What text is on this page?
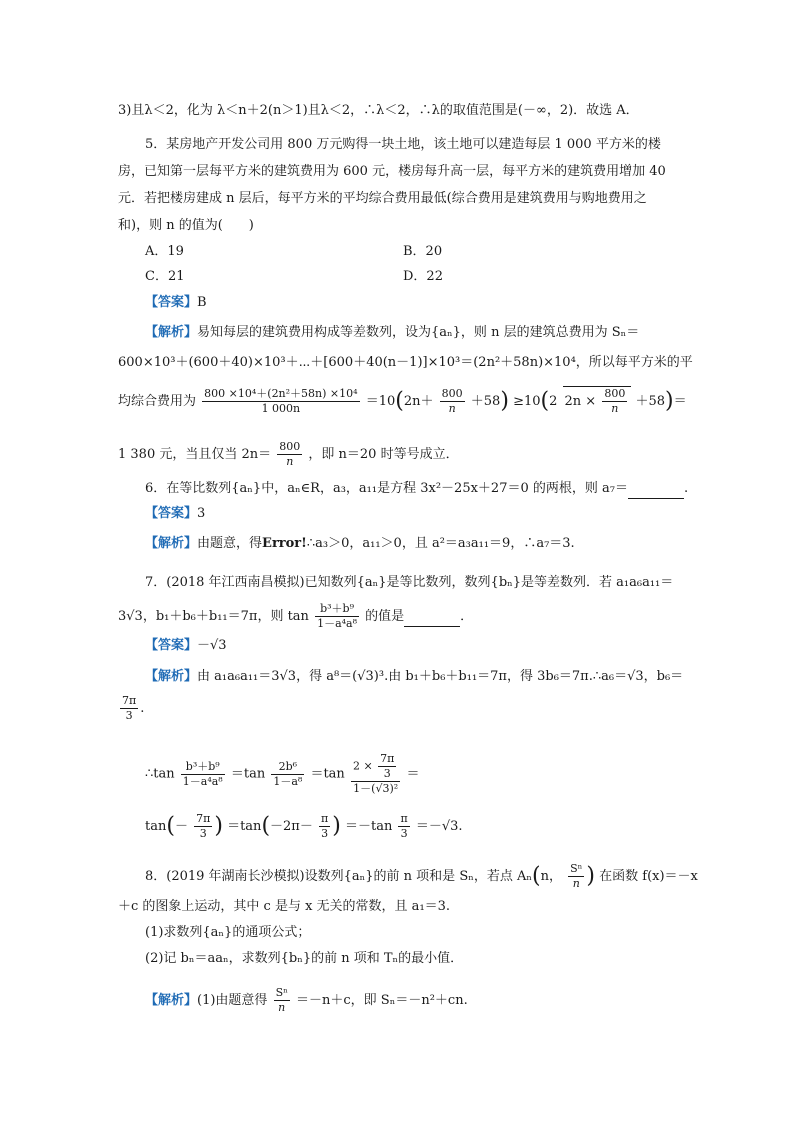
3)且λ＜2，化为 λ＜n＋2(n＞1)且λ＜2，∴λ＜2，∴λ的取值范围是(－∞，2)．故选 A．
5．某房地产开发公司用 800 万元购得一块土地，该土地可以建造每层 1 000 平方米的楼
房，已知第一层每平方米的建筑费用为 600 元，楼房每升高一层，每平方米的建筑费用增加 40
元．若把楼房建成 n 层后，每平方米的平均综合费用最低(综合费用是建筑费用与购地费用之
和)，则 n 的值为(　　)
A．19	B．20
C．21	D．22
【答案】B
【解析】易知每层的建筑费用构成等差数列，设为{aₙ}，则 n 层的建筑总费用为 Sₙ＝
600×10³＋(600＋40)×10³＋⋯＋[600＋40(n－1)]×10³＝(2n²＋58n)×10⁴，所以每平方米的平
均综合费用为 $\frac{\text{800 ×10⁴＋(2n²＋58n) ×10⁴}}{1 000n} =10(2n+ \frac{800}{n} +58) \ge 10(2$ $2n \times \frac{800}{n} +58)=$
1 380 元，当且仅当 $2n= \frac{800}{n}$ ，即 n＝20 时等号成立．
6．在等比数列{aₙ}中，aₙ∈R，a₃，a₁₁是方程 3x²－25x＋27＝0 的两根，则 a₇＝	.
【答案】3
【解析】由题意，得Error!∴a₃＞0，a₁₁＞0，且 a²＝a₃a₁₁＝9，∴a₇＝3.
7．(2018 年江西南昌模拟)已知数列{aₙ}是等比数列，数列{bₙ}是等差数列．若 a₁a₆a₁₁＝
3√3，b₁＋b₆＋b₁₁＝7π，则 $\tan \frac{\text{b³＋b⁹}}{\text{1－a⁴a⁸}}$ 的值是	．
【答案】－√3
【解析】由 a₁a₆a₁₁＝3√3，得 a⁸＝(√3)³.由 b₁＋b₆＋b₁₁＝7π，得 3b₆＝7π.∴a₆＝√3，b₆＝
$\frac{7\pi}{3}$ .
∴tan $\frac{\text{b³＋b⁹}}{\text{1－a⁴a⁸}} =\tan \frac{\text{2b⁶}}{\text{1－a⁸}} =\tan \frac{2 \times \frac{7\pi}{3}}{\text{1－(√3)²}}$ ＝
$\tan(- \frac{7\pi}{3}$ ) $=\tan(-2\pi- \frac{\pi}{3}$ ) $=-\tan \frac{\pi}{3} =-√3$.
8．(2019 年湖南长沙模拟)设数列{aₙ}的前 n 项和是 Sₙ，若点 Aₙ(n， $\frac{\text{Sⁿ}}{n}$ ) 在函数 f(x)＝－x
＋c 的图象上运动，其中 c 是与 x 无关的常数，且 a₁＝3.
(1)求数列{aₙ}的通项公式；
(2)记 bₙ＝aaₙ，求数列{bₙ}的前 n 项和 Tₙ的最小值．
【解析】(1)由题意得 $\frac{\text{Sⁿ}}{n} =-n+c$，即 Sₙ＝－n²＋cn.
